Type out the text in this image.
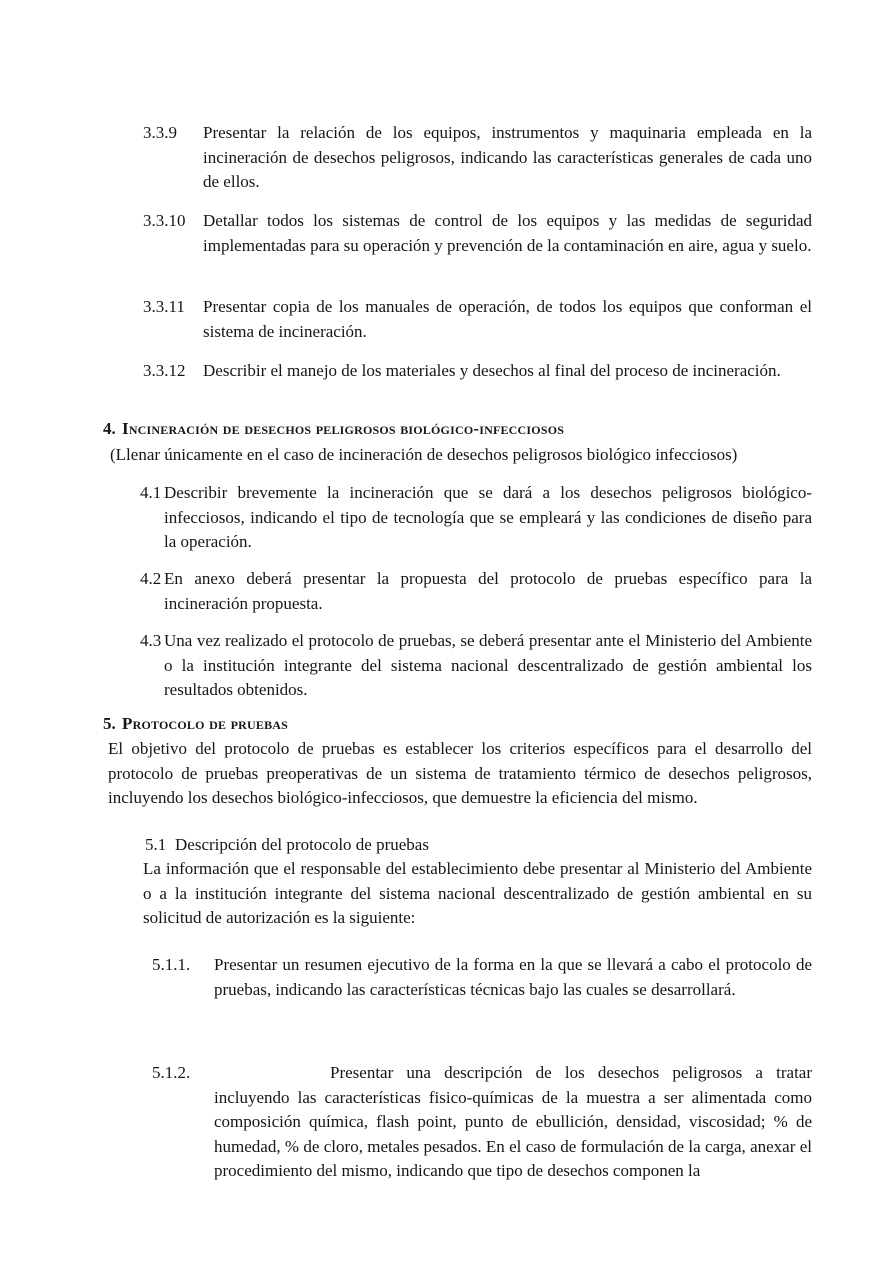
3.3.9 Presentar la relación de los equipos, instrumentos y maquinaria empleada en la incineración de desechos peligrosos, indicando las características generales de cada uno de ellos.
3.3.10 Detallar todos los sistemas de control de los equipos y las medidas de seguridad implementadas para su operación y prevención de la contaminación en aire, agua y suelo.
3.3.11 Presentar copia de los manuales de operación, de todos los equipos que conforman el sistema de incineración.
3.3.12 Describir el manejo de los materiales y desechos al final del proceso de incineración.
4. Incineración de desechos peligrosos biológico-infecciosos
(Llenar únicamente en el caso de incineración de desechos peligrosos biológico infecciosos)
4.1 Describir brevemente la incineración que se dará a los desechos peligrosos biológico-infecciosos, indicando el tipo de tecnología que se empleará y las condiciones de diseño para la operación.
4.2 En anexo deberá presentar la propuesta del protocolo de pruebas específico para la incineración propuesta.
4.3 Una vez realizado el protocolo de pruebas, se deberá presentar ante el Ministerio del Ambiente o la institución integrante del sistema nacional descentralizado de gestión ambiental los resultados obtenidos.
5. Protocolo de pruebas
El objetivo del protocolo de pruebas es establecer los criterios específicos para el desarrollo del protocolo de pruebas preoperativas de un sistema de tratamiento térmico de desechos peligrosos, incluyendo los desechos biológico-infecciosos, que demuestre la eficiencia del mismo.
5.1 Descripción del protocolo de pruebas
La información que el responsable del establecimiento debe presentar al Ministerio del Ambiente o a la institución integrante del sistema nacional descentralizado de gestión ambiental en su solicitud de autorización es la siguiente:
5.1.1. Presentar un resumen ejecutivo de la forma en la que se llevará a cabo el protocolo de pruebas, indicando las características técnicas bajo las cuales se desarrollará.
5.1.2.	Presentar una descripción de los desechos peligrosos a tratar incluyendo las características fisico-químicas de la muestra a ser alimentada como composición química, flash point, punto de ebullición, densidad, viscosidad; % de humedad, % de cloro, metales pesados. En el caso de formulación de la carga, anexar el procedimiento del mismo, indicando que tipo de desechos componen la
